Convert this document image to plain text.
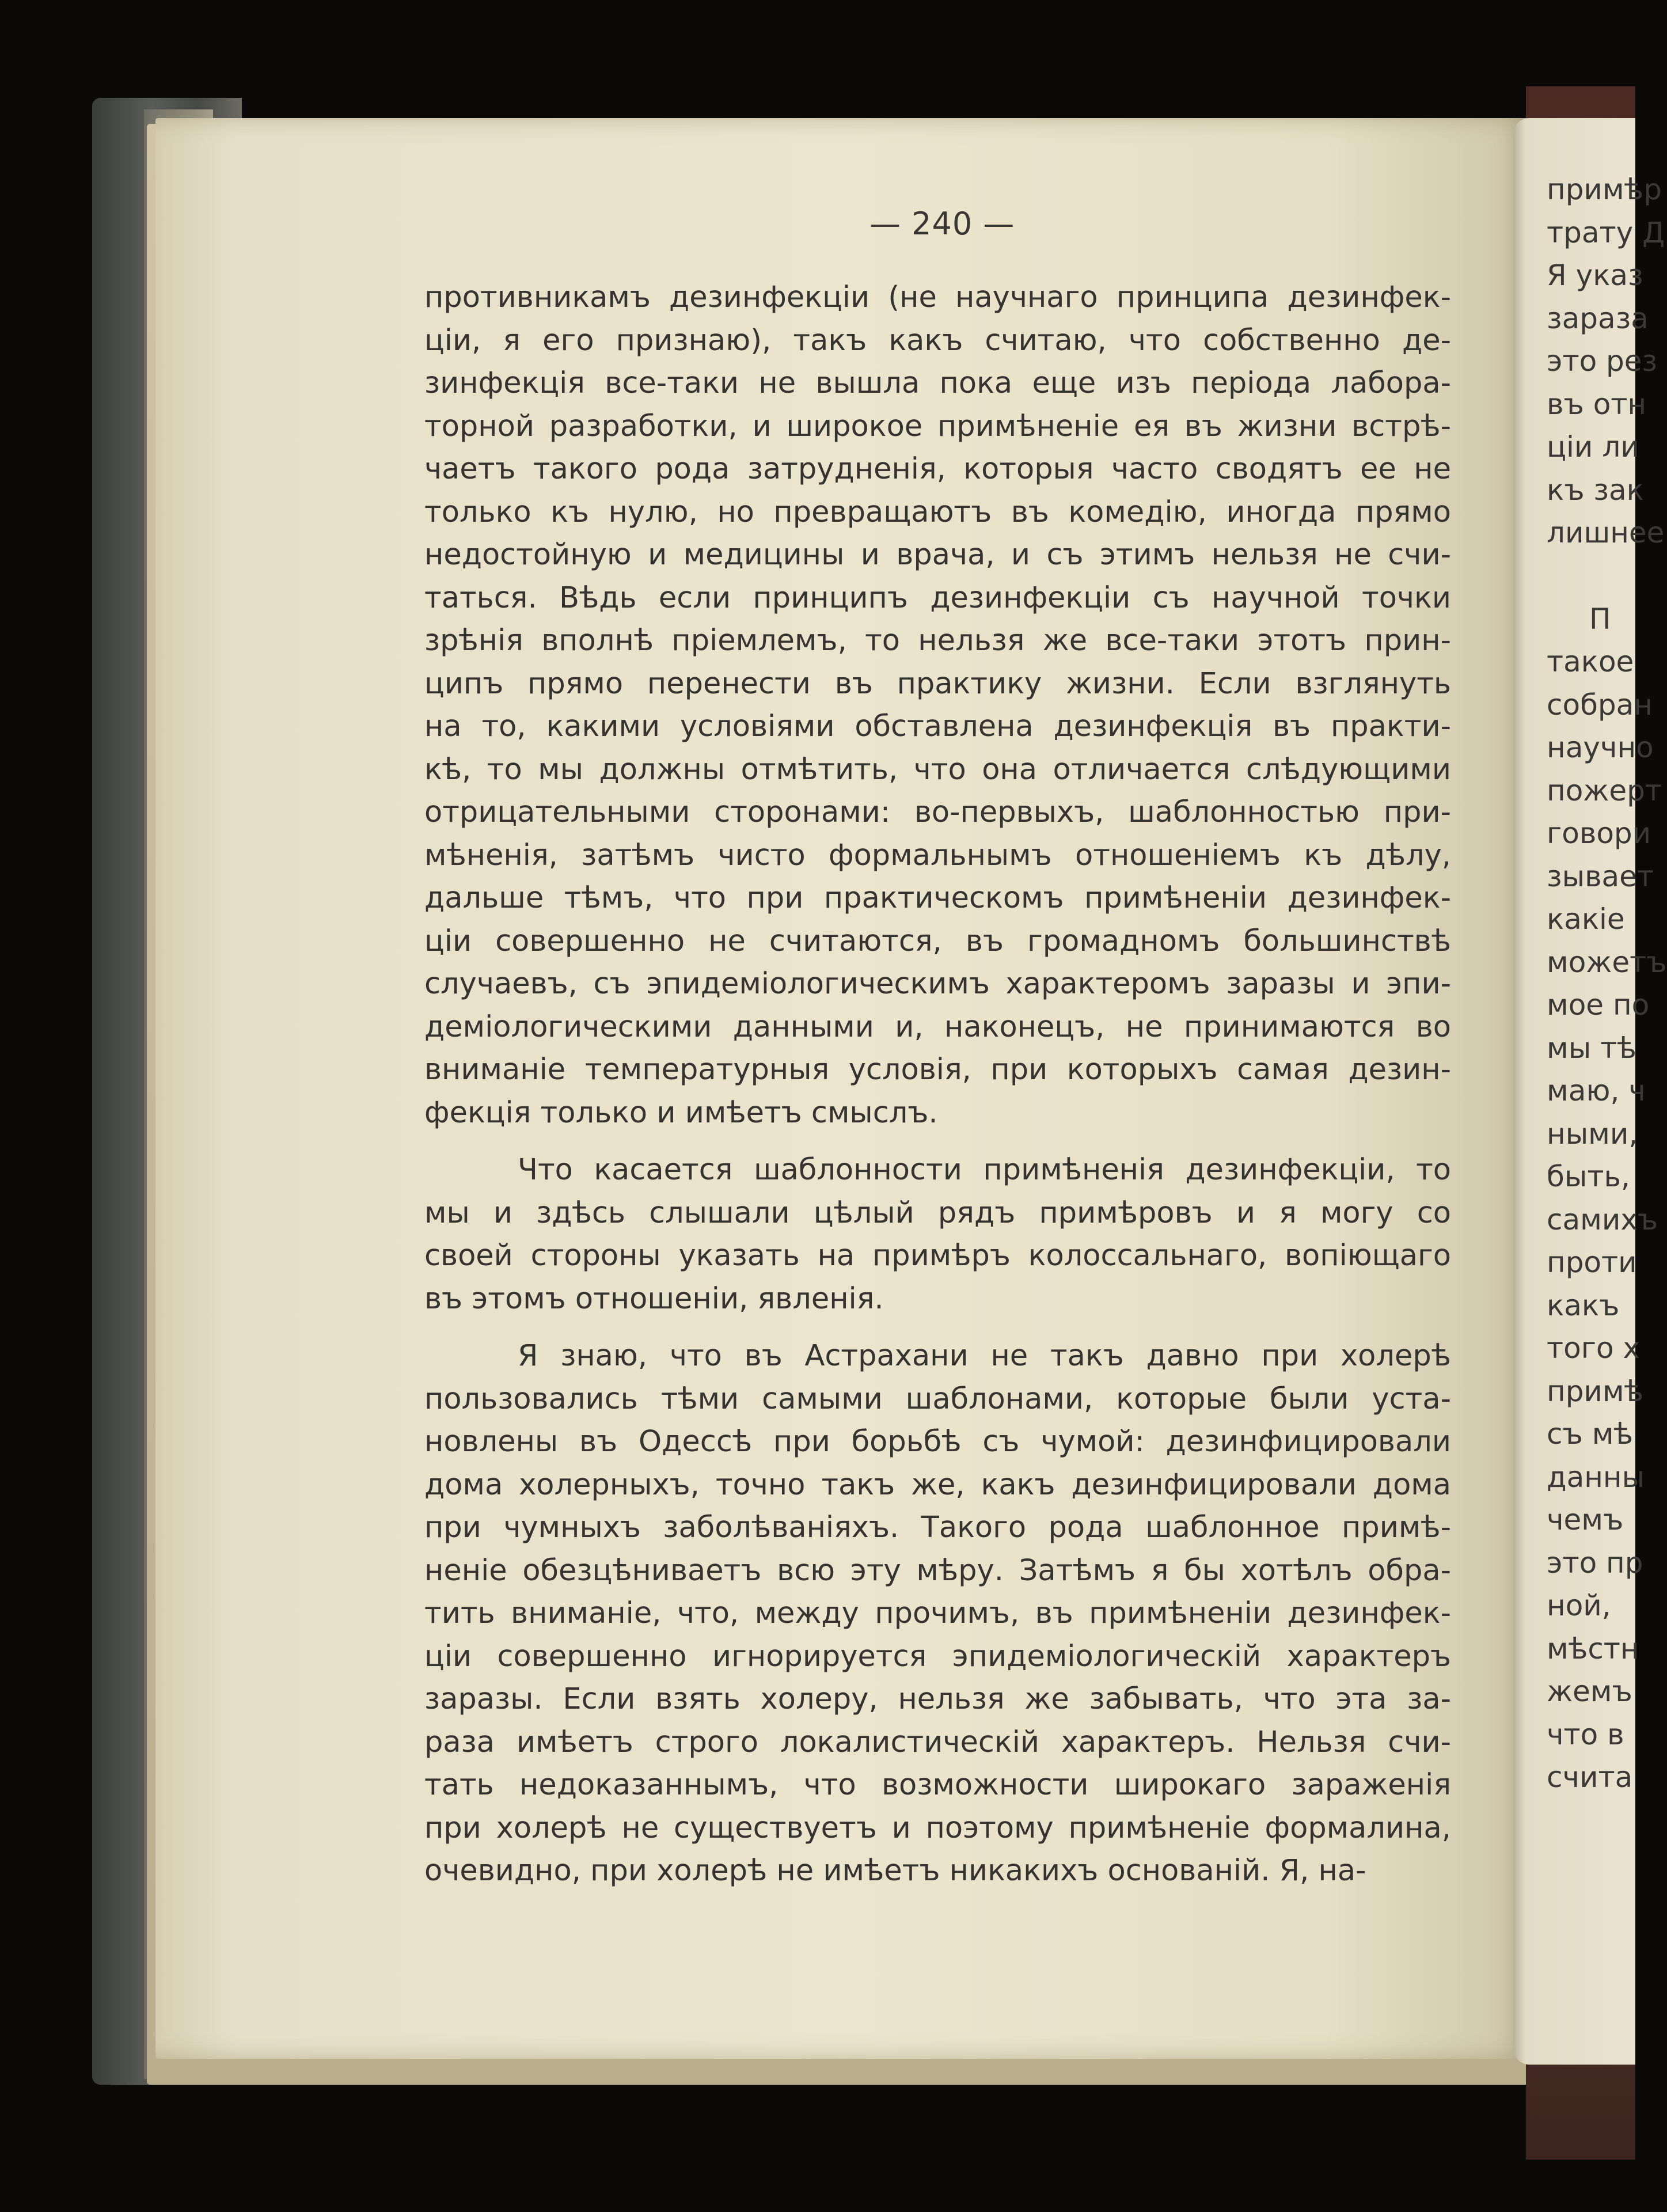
— 240 —
противникамъ дезинфекціи (не научнаго принципа дезинфек-
ціи, я его признаю), такъ какъ считаю, что собственно де-
зинфекція все-таки не вышла пока еще изъ періода лабора-
торной разработки, и широкое примѣненіе ея въ жизни встрѣ-
чаетъ такого рода затрудненія, которыя часто сводятъ ее не
только къ нулю, но превращаютъ въ комедію, иногда прямо
недостойную и медицины и врача, и съ этимъ нельзя не счи-
таться. Вѣдь если принципъ дезинфекціи съ научной точки
зрѣнія вполнѣ пріемлемъ, то нельзя же все-таки этотъ прин-
ципъ прямо перенести въ практику жизни. Если взглянуть
на то, какими условіями обставлена дезинфекція въ практи-
кѣ, то мы должны отмѣтить, что она отличается слѣдующими
отрицательными сторонами: во-первыхъ, шаблонностью при-
мѣненія, затѣмъ чисто формальнымъ отношеніемъ къ дѣлу,
дальше тѣмъ, что при практическомъ примѣненіи дезинфек-
ціи совершенно не считаются, въ громадномъ большинствѣ
случаевъ, съ эпидеміологическимъ характеромъ заразы и эпи-
деміологическими данными и, наконецъ, не принимаются во
вниманіе температурныя условія, при которыхъ самая дезин-
фекція только и имѣетъ смыслъ.
Что касается шаблонности примѣненія дезинфекціи, то
мы и здѣсь слышали цѣлый рядъ примѣровъ и я могу со
своей стороны указать на примѣръ колоссальнаго, вопіющаго
въ этомъ отношеніи, явленія.
Я знаю, что въ Астрахани не такъ давно при холерѣ
пользовались тѣми самыми шаблонами, которые были уста-
новлены въ Одессѣ при борьбѣ съ чумой: дезинфицировали
дома холерныхъ, точно такъ же, какъ дезинфицировали дома
при чумныхъ заболѣваніяхъ. Такого рода шаблонное примѣ-
неніе обезцѣниваетъ всю эту мѣру. Затѣмъ я бы хотѣлъ обра-
тить вниманіе, что, между прочимъ, въ примѣненіи дезинфек-
ціи совершенно игнорируется эпидеміологическій характеръ
заразы. Если взять холеру, нельзя же забывать, что эта за-
раза имѣетъ строго локалистическій характеръ. Нельзя счи-
тать недоказаннымъ, что возможности широкаго зараженія
при холерѣ не существуетъ и поэтому примѣненіе формалина,
очевидно, при холерѣ не имѣетъ никакихъ основаній. Я, на-
примѣр
трату Д
Я указ
зараза
это рез
въ отн
ціи ли
къ зак
лишнее
П
такое
собран
научно
пожерт
говори
зывает
какіе
можетъ
мое по
мы тѣ
маю, ч
ными,
быть,
самихъ
проти
какъ
того х
примѣ
съ мѣ
данны
чемъ
это пр
ной,
мѣстн
жемъ
что в
счита
